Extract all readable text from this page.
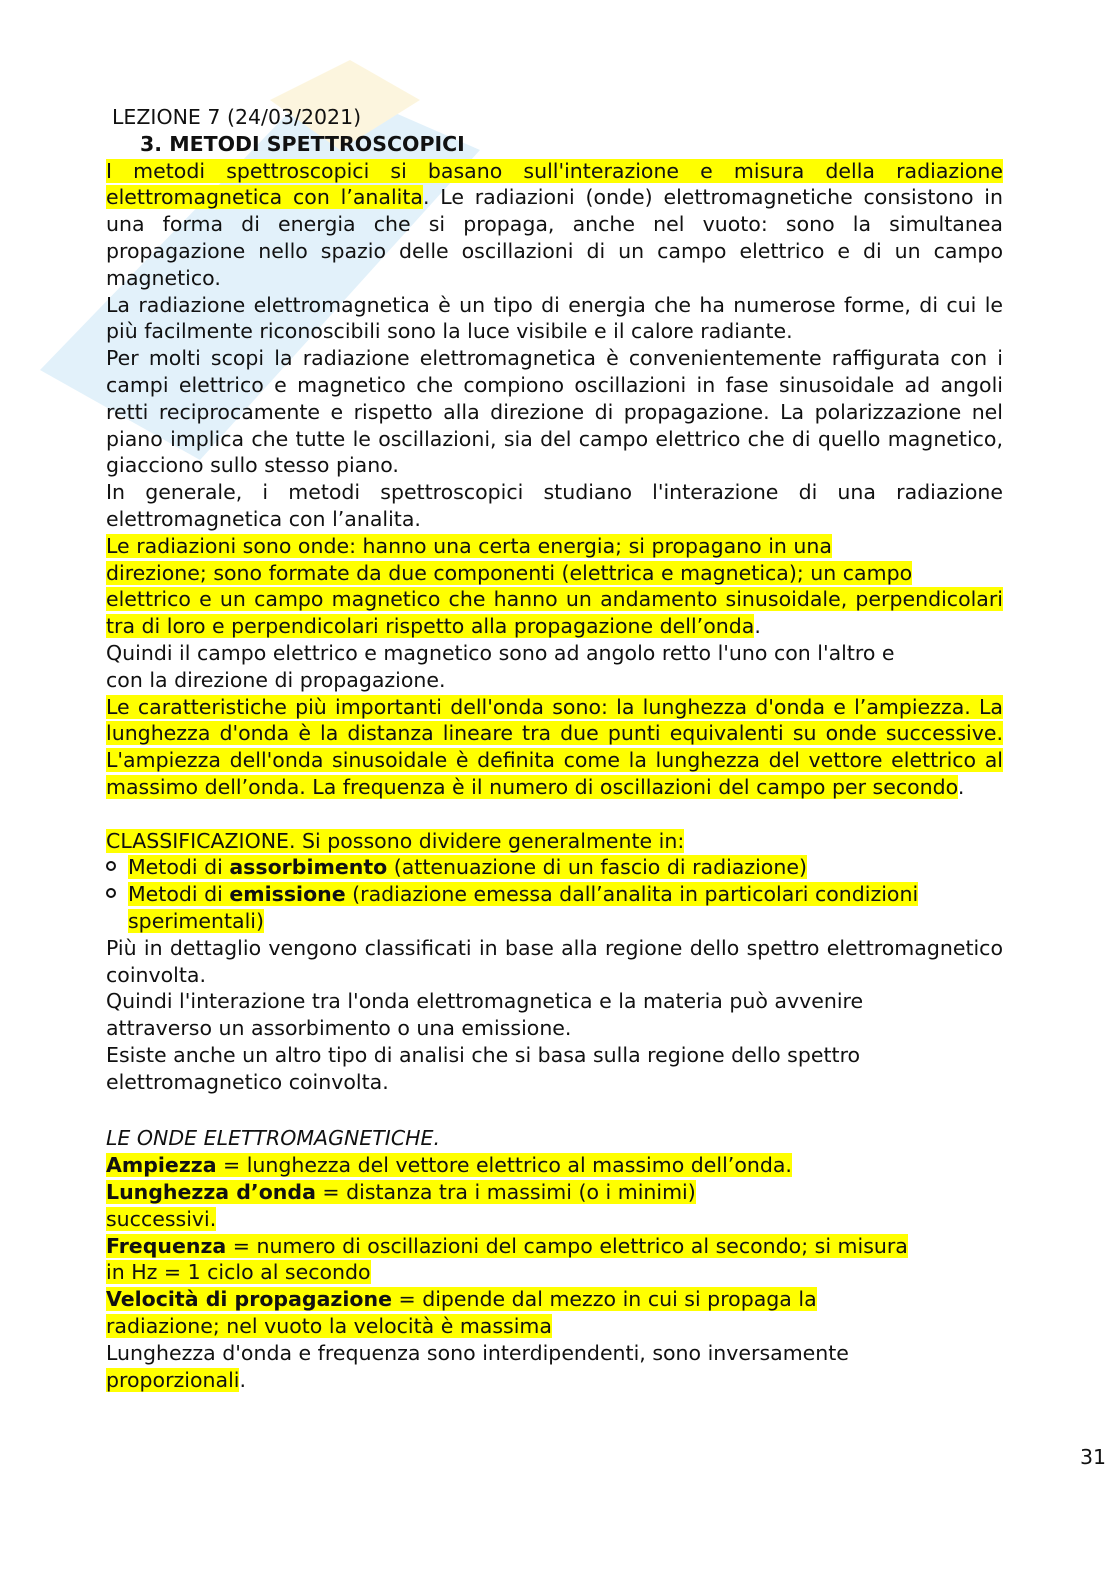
LEZIONE 7 (24/03/2021)

3. METODI SPETTROSCOPICI

I metodi spettroscopici si basano sull'interazione e misura della radiazione elettromagnetica con l’analita. Le radiazioni (onde) elettromagnetiche consistono in una forma di energia che si propaga, anche nel vuoto: sono la simultanea propagazione nello spazio delle oscillazioni di un campo elettrico e di un campo magnetico.

La radiazione elettromagnetica è un tipo di energia che ha numerose forme, di cui le più facilmente riconoscibili sono la luce visibile e il calore radiante.

Per molti scopi la radiazione elettromagnetica è convenientemente raffigurata con i campi elettrico e magnetico che compiono oscillazioni in fase sinusoidale ad angoli retti reciprocamente e rispetto alla direzione di propagazione. La polarizzazione nel piano implica che tutte le oscillazioni, sia del campo elettrico che di quello magnetico, giacciono sullo stesso piano.

In generale, i metodi spettroscopici studiano l'interazione di una radiazione elettromagnetica con l’analita.

Le radiazioni sono onde: hanno una certa energia; si propagano in una
direzione; sono formate da due componenti (elettrica e magnetica); un campo

elettrico e un campo magnetico che hanno un andamento sinusoidale, perpendicolari tra di loro e perpendicolari rispetto alla propagazione dell’onda.

Quindi il campo elettrico e magnetico sono ad angolo retto l'uno con l'altro e
con la direzione di propagazione.

Le caratteristiche più importanti dell'onda sono: la lunghezza d'onda e l’ampiezza. La lunghezza d'onda è la distanza lineare tra due punti equivalenti su onde successive. L'ampiezza dell'onda sinusoidale è definita come la lunghezza del vettore elettrico al massimo dell’onda. La frequenza è il numero di oscillazioni del campo per secondo.

CLASSIFICAZIONE. Si possono dividere generalmente in:

Metodi di assorbimento (attenuazione di un fascio di radiazione)

Metodi di emissione (radiazione emessa dall’analita in particolari condizioni
sperimentali)

Più in dettaglio vengono classificati in base alla regione dello spettro elettromagnetico coinvolta.

Quindi l'interazione tra l'onda elettromagnetica e la materia può avvenire
attraverso un assorbimento o una emissione.

Esiste anche un altro tipo di analisi che si basa sulla regione dello spettro
elettromagnetico coinvolta.

LE ONDE ELETTROMAGNETICHE.

Ampiezza = lunghezza del vettore elettrico al massimo dell’onda.

Lunghezza d’onda = distanza tra i massimi (o i minimi)
successivi.

Frequenza = numero di oscillazioni del campo elettrico al secondo; si misura
in Hz = 1 ciclo al secondo

Velocità di propagazione = dipende dal mezzo in cui si propaga la
radiazione; nel vuoto la velocità è massima

Lunghezza d'onda e frequenza sono interdipendenti, sono inversamente
proporzionali.

31
